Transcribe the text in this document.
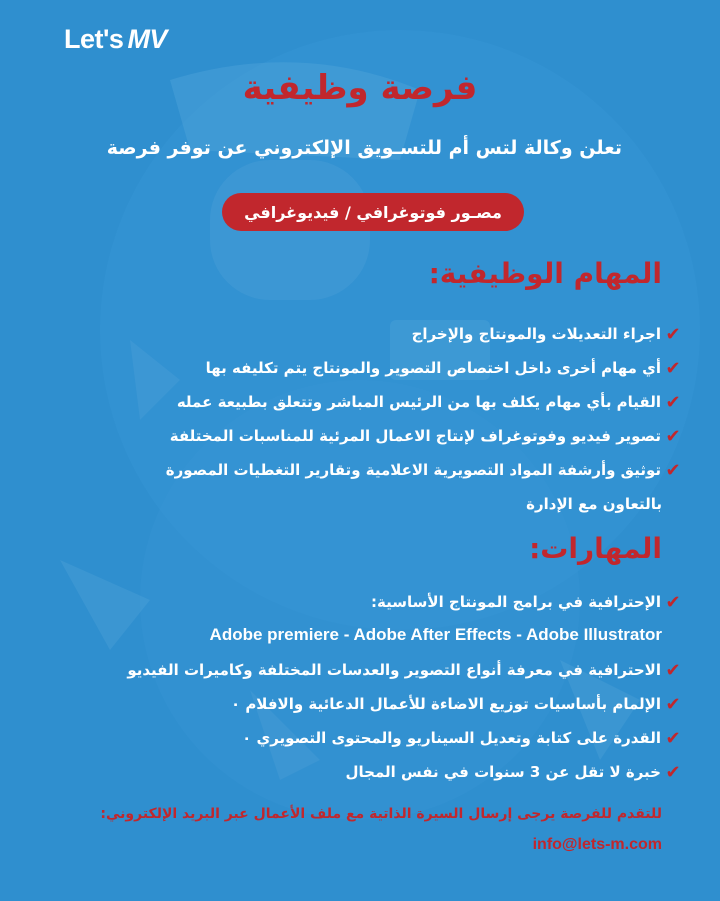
Let's MV
فرصة وظيفية
تعلن وكالة لتس أم للتسـويق الإلكتروني عن توفر فرصة
مصـور فوتوغرافي / فيديوغرافي
المهام الوظيفية:
✔
اجراء التعديلات والمونتاج والإخراج
✔
أي مهام أخرى داخل اختصاص التصوير والمونتاج يتم تكليفه بها
✔
القيام بأي مهام يكلف بها من الرئيس المباشر وتتعلق بطبيعة عمله
✔
تصوير فيديو وفوتوغراف لإنتاج الاعمال المرئية للمناسبات المختلفة
✔
توثيق وأرشفة المواد التصويرية الاعلامية وتقارير التغطيات المصورة
بالتعاون مع الإدارة
المهارات:
✔
الإحترافية في برامج المونتاج الأساسية:
Adobe premiere - Adobe After Effects - Adobe Illustrator
✔
الاحترافية في معرفة أنواع التصوير والعدسات المختلفة وكاميرات الفيديو
✔
الإلمام بأساسيات توزيع الاضاءة للأعمال الدعائية والافلام ٠
✔
القدرة على كتابة وتعديل السيناريو والمحتوى التصويري ٠
✔
خبرة لا تقل عن 3 سنوات في نفس المجال
للتقدم للفرصة يرجى إرسال السيرة الذاتية مع ملف الأعمال عبر البريد الإلكتروني:
info@lets-m.com
